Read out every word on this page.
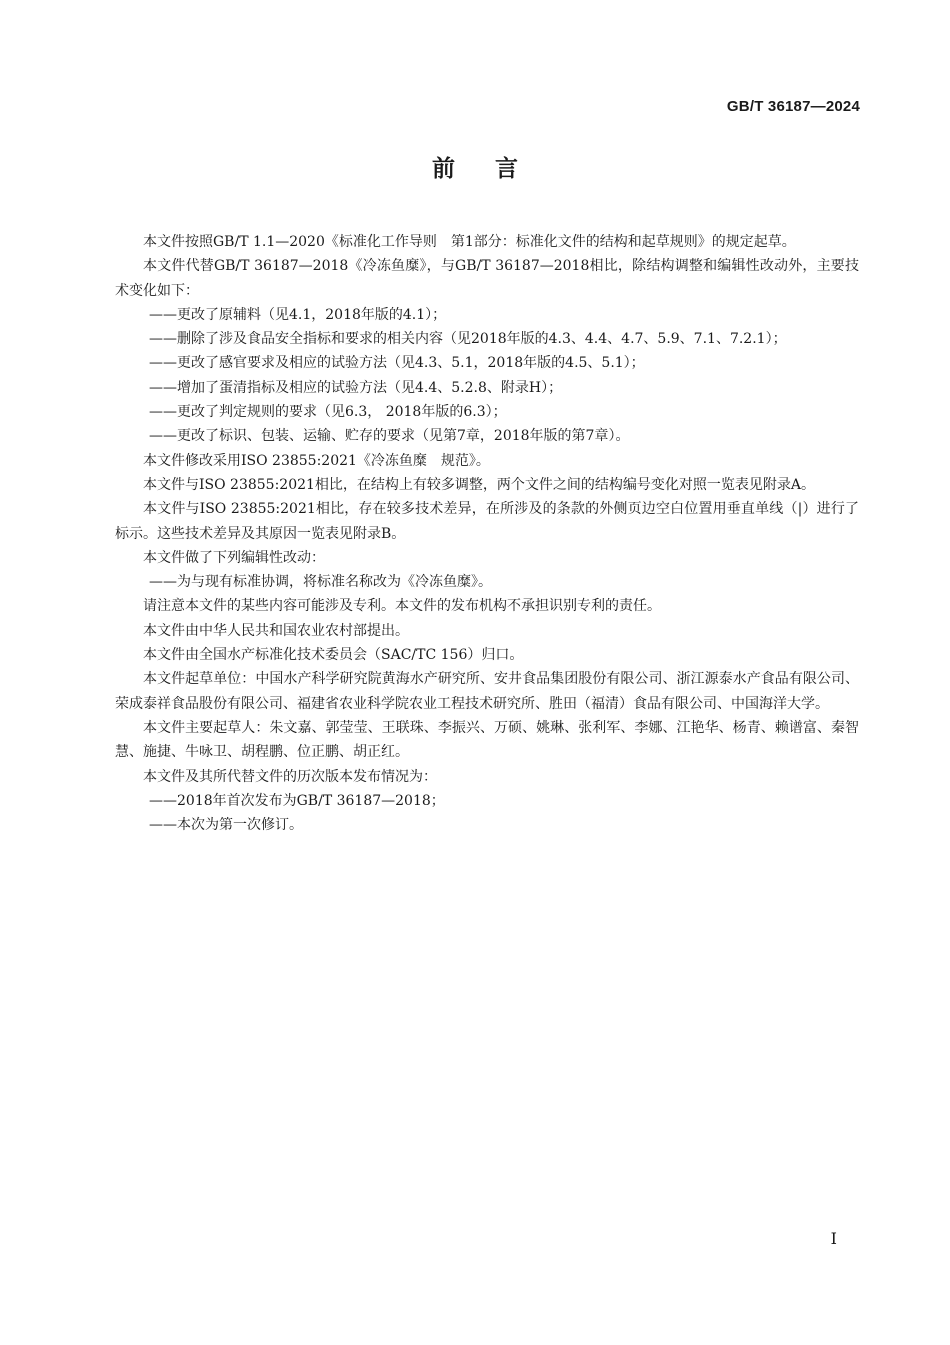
GB/T 36187—2024
前言

本文件按照GB/T 1.1—2020《标准化工作导则　第1部分：标准化文件的结构和起草规则》的规定起草。

本文件代替GB/T 36187—2018《冷冻鱼糜》，与GB/T 36187—2018相比，除结构调整和编辑性改动外，主要技术变化如下：

——更改了原辅料（见4.1，2018年版的4.1）；

——删除了涉及食品安全指标和要求的相关内容（见2018年版的4.3、4.4、4.7、5.9、7.1、7.2.1）；

——更改了感官要求及相应的试验方法（见4.3、5.1，2018年版的4.5、5.1）；

——增加了蛋清指标及相应的试验方法（见4.4、5.2.8、附录H）；

——更改了判定规则的要求（见6.3， 2018年版的6.3）；

——更改了标识、包装、运输、贮存的要求（见第7章，2018年版的第7章）。

本文件修改采用ISO 23855:2021《冷冻鱼糜　规范》。

本文件与ISO 23855:2021相比，在结构上有较多调整，两个文件之间的结构编号变化对照一览表见附录A。

本文件与ISO 23855:2021相比，存在较多技术差异，在所涉及的条款的外侧页边空白位置用垂直单线（|）进行了标示。这些技术差异及其原因一览表见附录B。

本文件做了下列编辑性改动：

——为与现有标准协调，将标准名称改为《冷冻鱼糜》。

请注意本文件的某些内容可能涉及专利。本文件的发布机构不承担识别专利的责任。

本文件由中华人民共和国农业农村部提出。

本文件由全国水产标准化技术委员会（SAC/TC 156）归口。

本文件起草单位：中国水产科学研究院黄海水产研究所、安井食品集团股份有限公司、浙江源泰水产食品有限公司、荣成泰祥食品股份有限公司、福建省农业科学院农业工程技术研究所、胜田（福清）食品有限公司、中国海洋大学。

本文件主要起草人：朱文嘉、郭莹莹、王联珠、李振兴、万硕、姚琳、张利军、李娜、江艳华、杨青、赖谱富、秦智慧、施捷、牛咏卫、胡程鹏、位正鹏、胡正红。

本文件及其所代替文件的历次版本发布情况为：

——2018年首次发布为GB/T 36187—2018；

——本次为第一次修订。

I
